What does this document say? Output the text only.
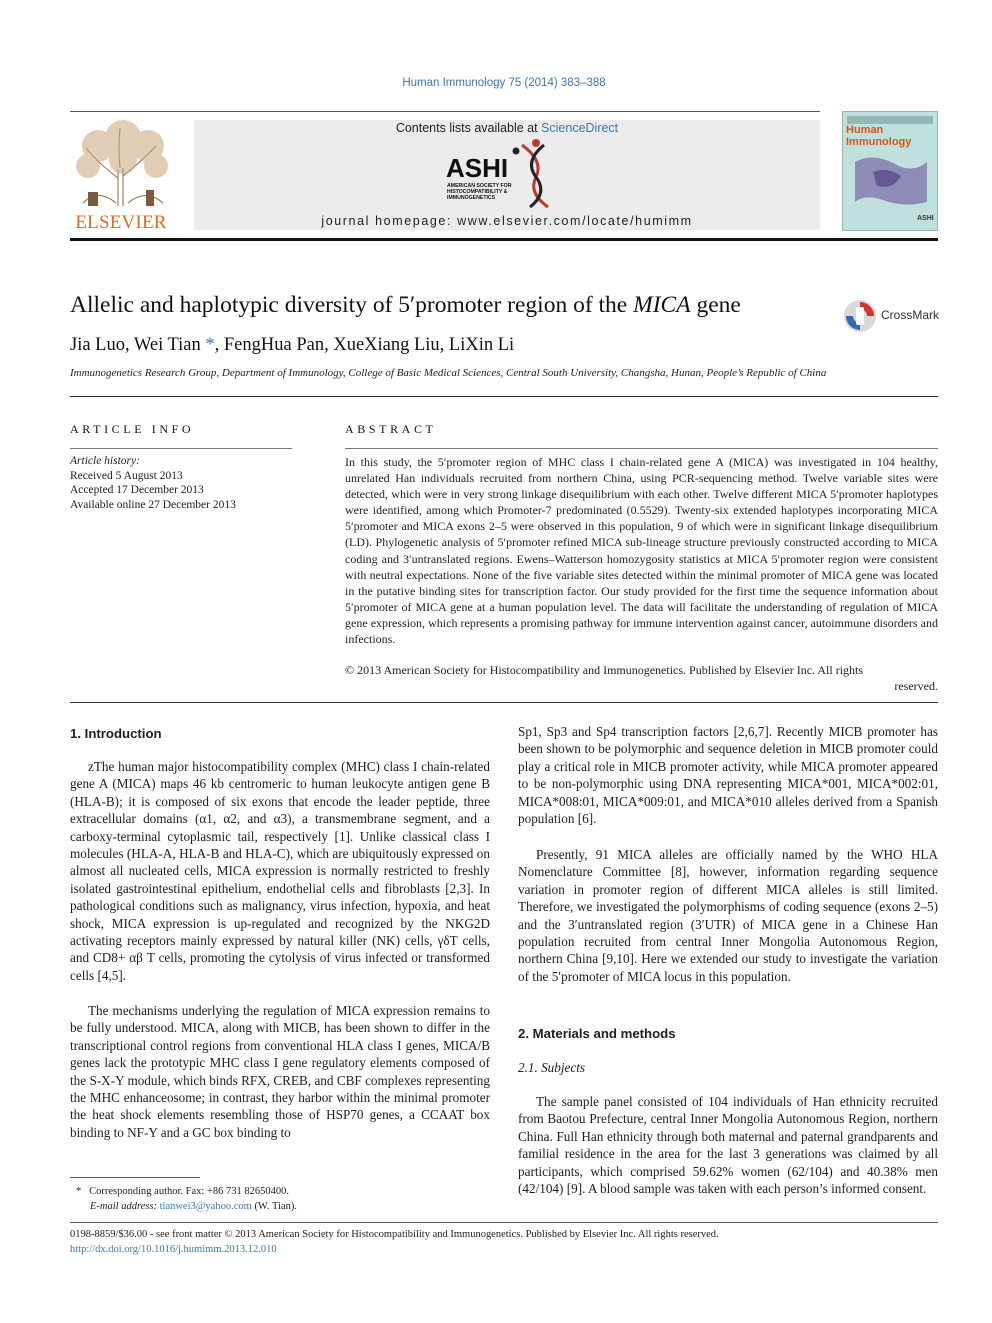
Human Immunology 75 (2014) 383–388
ELSEVIER
Contents lists available at ScienceDirect
ASHI
AMERICAN SOCIETY FOR
HISTOCOMPATIBILITY &
IMMUNOGENETICS
journal homepage: www.elsevier.com/locate/humimm	ASHI
Human
Immunology
Allelic and haplotypic diversity of 5′promoter region of the MICA gene	CrossMark
Jia Luo, Wei Tian *, FengHua Pan, XueXiang Liu, LiXin Li
Immunogenetics Research Group, Department of Immunology, College of Basic Medical Sciences, Central South University, Changsha, Hunan, People’s Republic of China
ARTICLE INFO
Article history:
Received 5 August 2013
Accepted 17 December 2013
Available online 27 December 2013
ABSTRACT
In this study, the 5′promoter region of MHC class I chain-related gene A (MICA) was investigated in 104 healthy, unrelated Han individuals recruited from northern China, using PCR-sequencing method. Twelve variable sites were detected, which were in very strong linkage disequilibrium with each other. Twelve different MICA 5′promoter haplotypes were identified, among which Promoter-7 predominated (0.5529). Twenty-six extended haplotypes incorporating MICA 5′promoter and MICA exons 2–5 were observed in this population, 9 of which were in significant linkage disequilibrium (LD). Phylogenetic analysis of 5′promoter refined MICA sub-lineage structure previously constructed according to MICA coding and 3′untranslated regions. Ewens–Watterson homozygosity statistics at MICA 5′promoter region were consistent with neutral expectations. None of the five variable sites detected within the minimal promoter of MICA gene was located in the putative binding sites for transcription factor. Our study provided for the first time the sequence information about 5′promoter of MICA gene at a human population level. The data will facilitate the understanding of regulation of MICA gene expression, which represents a promising pathway for immune intervention against cancer, autoimmune disorders and infections.
© 2013 American Society for Histocompatibility and Immunogenetics. Published by Elsevier Inc. All rights
reserved.
1. Introduction

zThe human major histocompatibility complex (MHC) class I chain-related gene A (MICA) maps 46 kb centromeric to human leukocyte antigen gene B (HLA-B); it is composed of six exons that encode the leader peptide, three extracellular domains (α1, α2, and α3), a transmembrane segment, and a carboxy-terminal cytoplasmic tail, respectively [1]. Unlike classical class I molecules (HLA-A, HLA-B and HLA-C), which are ubiquitously expressed on almost all nucleated cells, MICA expression is normally restricted to freshly isolated gastrointestinal epithelium, endothelial cells and fibroblasts [2,3]. In pathological conditions such as malignancy, virus infection, hypoxia, and heat shock, MICA expression is up-regulated and recognized by the NKG2D activating receptors mainly expressed by natural killer (NK) cells, γδT cells, and CD8+ αβ T cells, promoting the cytolysis of virus infected or transformed cells [4,5].

The mechanisms underlying the regulation of MICA expression remains to be fully understood. MICA, along with MICB, has been shown to differ in the transcriptional control regions from conventional HLA class I genes, MICA/B genes lack the prototypic MHC class I gene regulatory elements composed of the S-X-Y module, which binds RFX, CREB, and CBF complexes representing the MHC enhanceosome; in contrast, they harbor within the minimal promoter the heat shock elements resembling those of HSP70 genes, a CCAAT box binding to NF-Y and a GC box binding to

Sp1, Sp3 and Sp4 transcription factors [2,6,7]. Recently MICB promoter has been shown to be polymorphic and sequence deletion in MICB promoter could play a critical role in MICB promoter activity, while MICA promoter appeared to be non-polymorphic using DNA representing MICA*001, MICA*002:01, MICA*008:01, MICA*009:01, and MICA*010 alleles derived from a Spanish population [6].

Presently, 91 MICA alleles are officially named by the WHO HLA Nomenclature Committee [8], however, information regarding sequence variation in promoter region of different MICA alleles is still limited. Therefore, we investigated the polymorphisms of coding sequence (exons 2–5) and the 3′untranslated region (3′UTR) of MICA gene in a Chinese Han population recruited from central Inner Mongolia Autonomous Region, northern China [9,10]. Here we extended our study to investigate the variation of the 5′promoter of MICA locus in this population.

2. Materials and methods
2.1. Subjects

The sample panel consisted of 104 individuals of Han ethnicity recruited from Baotou Prefecture, central Inner Mongolia Autonomous Region, northern China. Full Han ethnicity through both maternal and paternal grandparents and familial residence in the area for the last 3 generations was claimed by all participants, which comprised 59.62% women (62/104) and 40.38% men (42/104) [9]. A blood sample was taken with each person’s informed consent.

* Corresponding author. Fax: +86 731 82650400.
E-mail address: tianwei3@yahoo.com (W. Tian).
0198-8859/$36.00 - see front matter © 2013 American Society for Histocompatibility and Immunogenetics. Published by Elsevier Inc. All rights reserved.
http://dx.doi.org/10.1016/j.humimm.2013.12.010
